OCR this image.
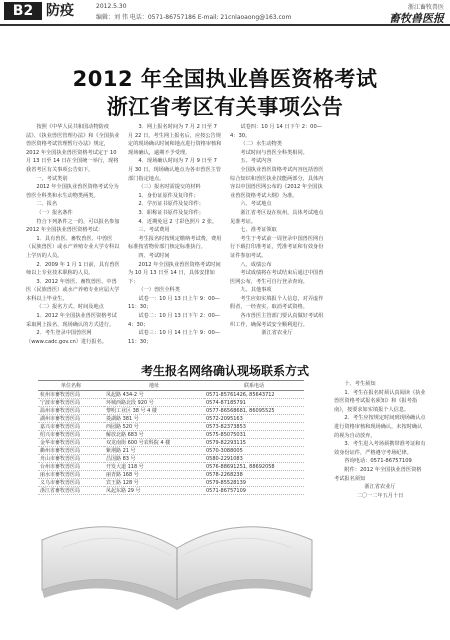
B2 防疫	2012.5.30
编辑：刘 伟 电话：0571-86757186 E-mail: 21cnlaoaong@163.com
浙江畜牧兽医
畜牧兽医报
2012 年全国执业兽医资格考试
浙江省考区有关事项公告

按照《中华人民共和国动物防疫法》、《执业兽医管理办法》和《全国执业兽医资格考试管理暂行办法》规定，2012 年全国执业兽医资格考试定于 10 月 13 日至 14 日在全国统一举行，现将我省考区有关事项公告如下。

一、考试类别

2012 年全国执业兽医资格考试分为兽医全科类和水生动物类两类。

二、报名

（一）报名条件

符合下列条件之一的，可以报名参加 2012 年全国执业兽医资格考试：

1．具有兽医、畜牧兽医、中兽医（民族兽医）或水产养殖专业大学专科以上学历的人员。

2．2009 年 1 月 1 日前，具有兽医师以上专业技术职称的人员。

3．2012 年兽医、畜牧兽医、中兽医（民族兽医）或水产养殖专业应届大学本科以上毕业生。

（二）报名方式、时间及地点

1．2012 年全国执业兽医资格考试采取网上报名、现场确认的方式进行。

2．考生登录中国兽医网（www.cadc.gov.cn）进行报名。

3．网上报名时间为 7 月 2 日至 7 月 22 日，考生网上报名后，应按公告规定的现场确认时间和地点进行资格审核和现场确认，逾期不予受理。

4．现场确认时间为 7 月 9 日至 7 月 30 日，现场确认地点为各市兽医主管部门指定地点。

（三）报名时需提交的材料

1．身份证原件及复印件；

2．学历证书原件及复印件；

3．职称证书原件及复印件；

4．近期免冠 2 寸彩色照片 2 张。

三、考试费用

考生报名时按规定缴纳考试费，费用标准按省物价部门核定标准执行。

四、考试时间

2012 年全国执业兽医资格考试时间为 10 月 13 日至 14 日，具体安排如下：

（一）兽医全科类

试卷一：10 月 13 日上午 9：00—11：30；

试卷二：10 月 13 日下午 2：00—4：30；

试卷三：10 月 14 日上午 9：00—11：30；

试卷四：10 月 14 日下午 2：00—4：30。

（二）水生动物类

考试时间与兽医全科类相同。

五、考试内容

全国执业兽医资格考试内容包括兽医综合知识和兽医执业技能两部分，具体内容以中国兽医网公布的《2012 年全国执业兽医资格考试大纲》为准。

六、考试地点

浙江省考区设在杭州，具体考试地点见准考证。

七、准考证领取

考生于考试前一周登录中国兽医网自行下载打印准考证，凭准考证和有效身份证件参加考试。

八、成绩公布

考试成绩将在考试结束后通过中国兽医网公布，考生可自行登录查询。

九、其他事项

考生应如实填报个人信息，对弄虚作假者，一经查实，取消考试资格。

各市兽医主管部门要认真做好考试组织工作，确保考试安全顺利进行。

浙江省农业厅

考生报名网络确认现场联系方式
单位名称	地址	联系电话
杭州市畜牧兽医局	凤起路 434-2 号	0571-85761426, 85643712
宁波市畜牧兽医局	环城西路北段 920 号	0574-87185791
温州市畜牧兽医局	黎明工业区 38 号 4 楼	0577-86568681, 86095525
湖州市畜牧兽医局	菱湖路 381 号	0572-2095163
嘉兴市畜牧兽医局	西园路 520 号	0573-82373853
绍兴市畜牧兽医局	解放北路 683 号	0575-85075031
金华市畜牧兽医局	双龙南街 600 号农科院 4 楼	0579-82293115
衢州市畜牧兽医局	紫荆路 21 号	0570-3088005
舟山市畜牧兽医局	昌国路 83 号	0580-2291083
台州市畜牧兽医局	开发大道 118 号	0576-88691251, 88692058
丽水市畜牧兽医局	丽青路 168 号	0578-2268238
义乌市畜牧兽医局	宾王路 128 号	0579-85528139
浙江省畜牧兽医局	凤起东路 29 号	0571-86757109

十、考生须知

1．考生在报名时须认真阅读《执业兽医资格考试报名须知》和《报考指南》，按要求如实填报个人信息。

2．考生应按规定时间到现场确认点进行资格审核和现场确认，未按时确认的视为自动放弃。

3．考生进入考场须携带准考证和有效身份证件，严格遵守考场纪律。

咨询电话：0571-86757109

附件：2012 年全国执业兽医资格考试报名须知

浙江省农业厅

二〇一二年五月十日
